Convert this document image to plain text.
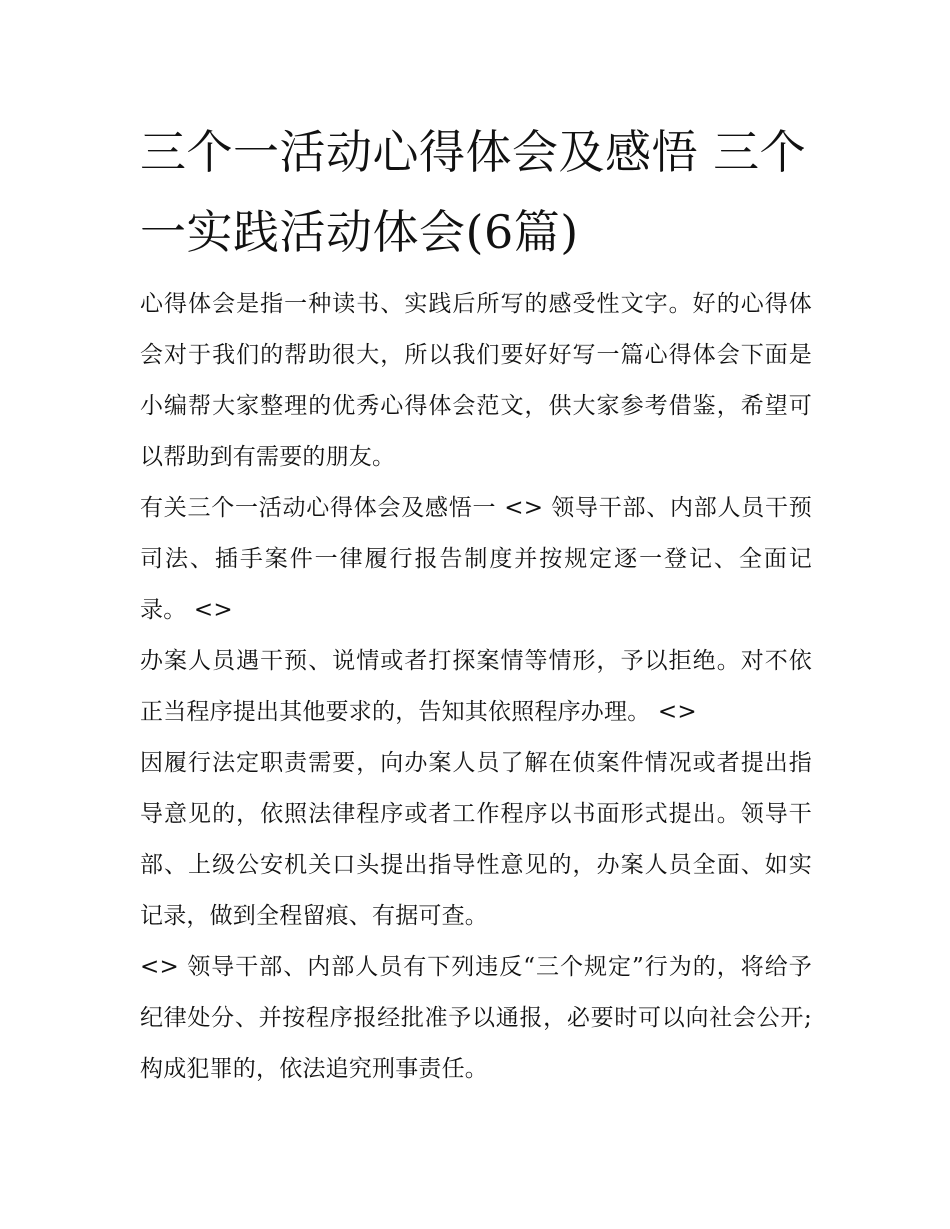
三个一活动心得体会及感悟 三个一实践活动体会(6篇)

心得体会是指一种读书、实践后所写的感受性文字。好的心得体会对于我们的帮助很大，所以我们要好好写一篇心得体会下面是小编帮大家整理的优秀心得体会范文，供大家参考借鉴，希望可以帮助到有需要的朋友。

有关三个一活动心得体会及感悟一 <> 领导干部、内部人员干预司法、插手案件一律履行报告制度并按规定逐一登记、全面记录。 <>

办案人员遇干预、说情或者打探案情等情形，予以拒绝。对不依正当程序提出其他要求的，告知其依照程序办理。 <>

因履行法定职责需要，向办案人员了解在侦案件情况或者提出指导意见的，依照法律程序或者工作程序以书面形式提出。领导干部、上级公安机关口头提出指导性意见的，办案人员全面、如实记录，做到全程留痕、有据可查。

<> 领导干部、内部人员有下列违反“三个规定”行为的，将给予纪律处分、并按程序报经批准予以通报，必要时可以向社会公开;构成犯罪的，依法追究刑事责任。
